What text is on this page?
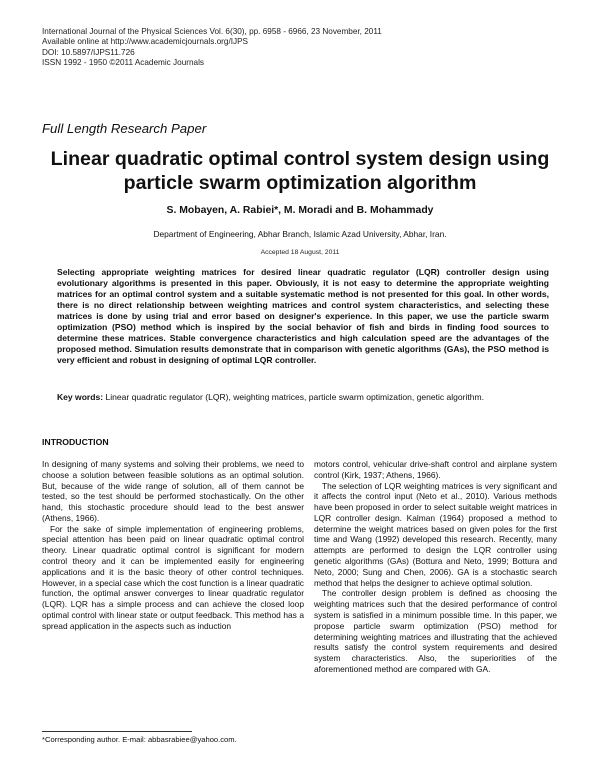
International Journal of the Physical Sciences Vol. 6(30), pp. 6958 - 6966, 23 November, 2011
Available online at http://www.academicjournals.org/IJPS
DOI: 10.5897/IJPS11.726
ISSN 1992 - 1950 ©2011 Academic Journals
Full Length Research Paper
Linear quadratic optimal control system design using
particle swarm optimization algorithm
S. Mobayen, A. Rabiei*, M. Moradi and B. Mohammady
Department of Engineering, Abhar Branch, Islamic Azad University, Abhar, Iran.
Accepted 18 August, 2011
Selecting appropriate weighting matrices for desired linear quadratic regulator (LQR) controller design using evolutionary algorithms is presented in this paper. Obviously, it is not easy to determine the appropriate weighting matrices for an optimal control system and a suitable systematic method is not presented for this goal. In other words, there is no direct relationship between weighting matrices and control system characteristics, and selecting these matrices is done by using trial and error based on designer's experience. In this paper, we use the particle swarm optimization (PSO) method which is inspired by the social behavior of fish and birds in finding food sources to determine these matrices. Stable convergence characteristics and high calculation speed are the advantages of the proposed method. Simulation results demonstrate that in comparison with genetic algorithms (GAs), the PSO method is very efficient and robust in designing of optimal LQR controller.
Key words: Linear quadratic regulator (LQR), weighting matrices, particle swarm optimization, genetic algorithm.
INTRODUCTION

In designing of many systems and solving their problems, we need to choose a solution between feasible solutions as an optimal solution. But, because of the wide range of solution, all of them cannot be tested, so the test should be performed stochastically. On the other hand, this stochastic procedure should lead to the best answer (Athens, 1966).

For the sake of simple implementation of engineering problems, special attention has been paid on linear quadratic optimal control theory. Linear quadratic optimal control is significant for modern control theory and it can be implemented easily for engineering applications and it is the basic theory of other control techniques. However, in a special case which the cost function is a linear quadratic function, the optimal answer converges to linear quadratic regulator (LQR). LQR has a simple process and can achieve the closed loop optimal control with linear state or output feedback. This method has a spread application in the aspects such as induction

motors control, vehicular drive-shaft control and airplane system control (Kirk, 1937; Athens, 1966).

The selection of LQR weighting matrices is very significant and it affects the control input (Neto et al., 2010). Various methods have been proposed in order to select suitable weight matrices in LQR controller design. Kalman (1964) proposed a method to determine the weight matrices based on given poles for the first time and Wang (1992) developed this research. Recently, many attempts are performed to design the LQR controller using genetic algorithms (GAs) (Bottura and Neto, 1999; Bottura and Neto, 2000; Sung and Chen, 2006). GA is a stochastic search method that helps the designer to achieve optimal solution.

The controller design problem is defined as choosing the weighting matrices such that the desired performance of control system is satisfied in a minimum possible time. In this paper, we propose particle swarm optimization (PSO) method for determining weighting matrices and illustrating that the achieved results satisfy the control system requirements and desired system characteristics. Also, the superiorities of the aforementioned method are compared with GA.

*Corresponding author. E-mail: abbasrabiee@yahoo.com.
